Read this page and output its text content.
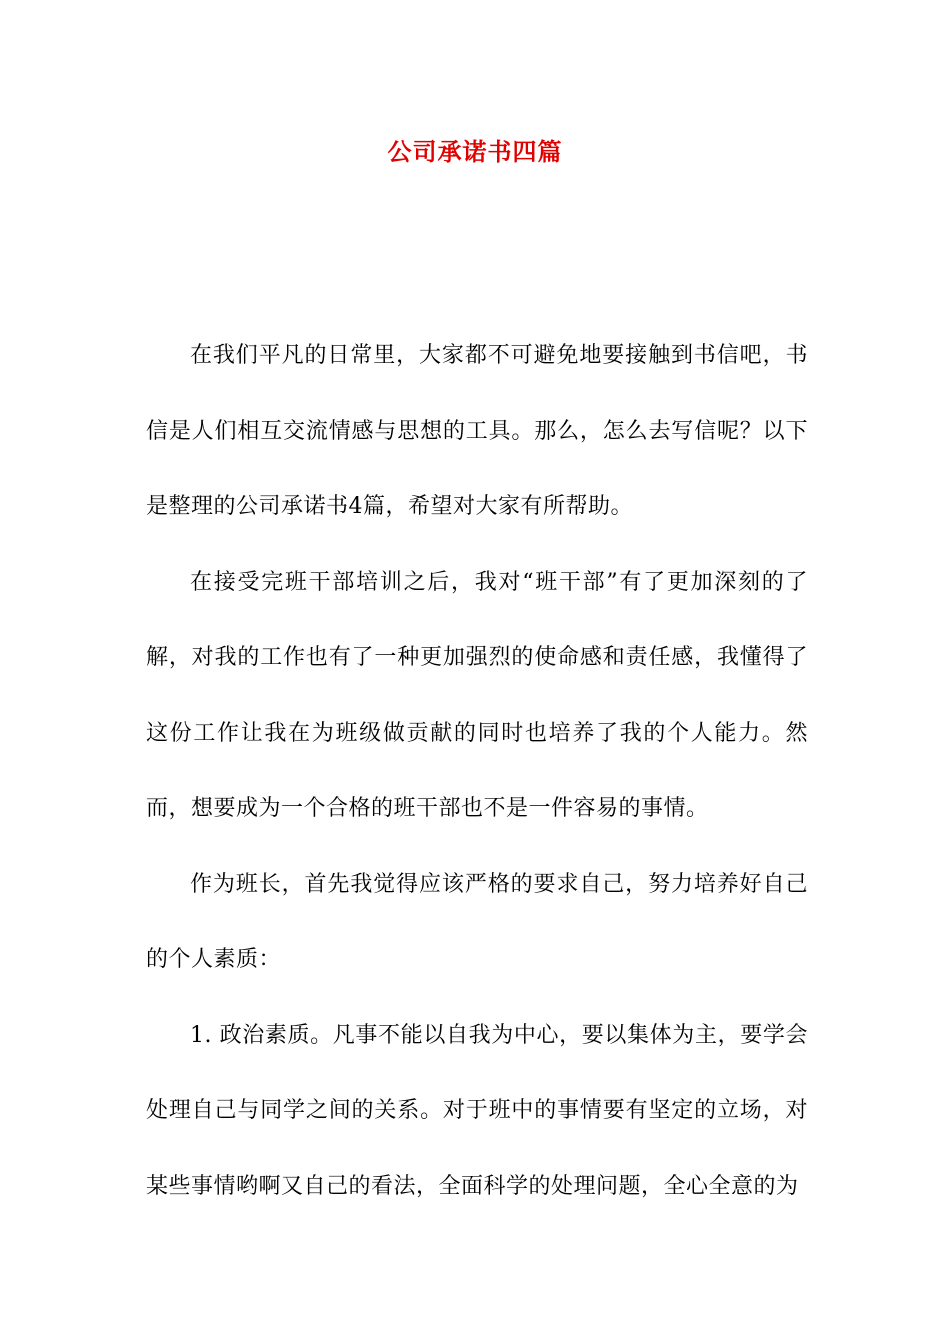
公司承诺书四篇

在我们平凡的日常里，大家都不可避免地要接触到书信吧，书信是人们相互交流情感与思想的工具。那么，怎么去写信呢？以下是整理的公司承诺书4篇，希望对大家有所帮助。

在接受完班干部培训之后，我对“班干部”有了更加深刻的了解，对我的工作也有了一种更加强烈的使命感和责任感，我懂得了这份工作让我在为班级做贡献的同时也培养了我的个人能力。然而，想要成为一个合格的班干部也不是一件容易的事情。

作为班长，首先我觉得应该严格的要求自己，努力培养好自己的个人素质：

1. 政治素质。凡事不能以自我为中心，要以集体为主，要学会处理自己与同学之间的关系。对于班中的事情要有坚定的立场，对某些事情哟啊又自己的看法，全面科学的处理问题，全心全意的为
